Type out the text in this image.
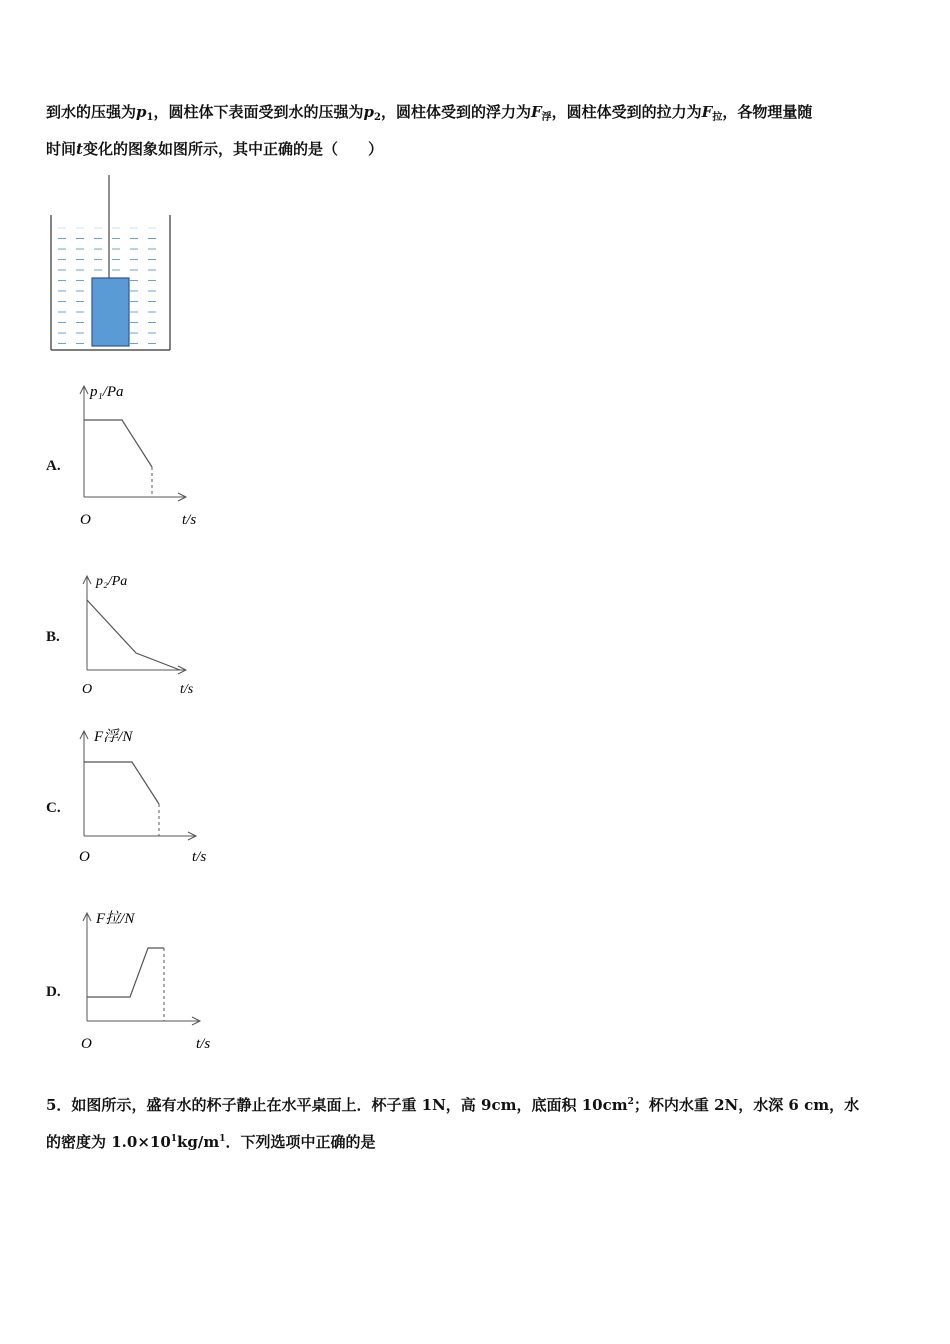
到水的压强为$p_1$，圆柱体下表面受到水的压强为$p_2$，圆柱体受到的浮力为$F_浮$，圆柱体受到的拉力为$F_拉$，各物理量随
时间t变化的图象如图所示，其中正确的是（　　）
A.
p₁/Pa
O	t/s
B.
p₂/Pa
O	t/s
C.
F浮/N
O	t/s
D.
F拉/N
O	t/s
5．如图所示，盛有水的杯子静止在水平桌面上．杯子重 1N，高 9cm，底面积 $10cm^2$；杯内水重 2N，水深 6 cm，水
的密度为 $1.0\times 10^1kg/m^1$．下列选项中正确的是
